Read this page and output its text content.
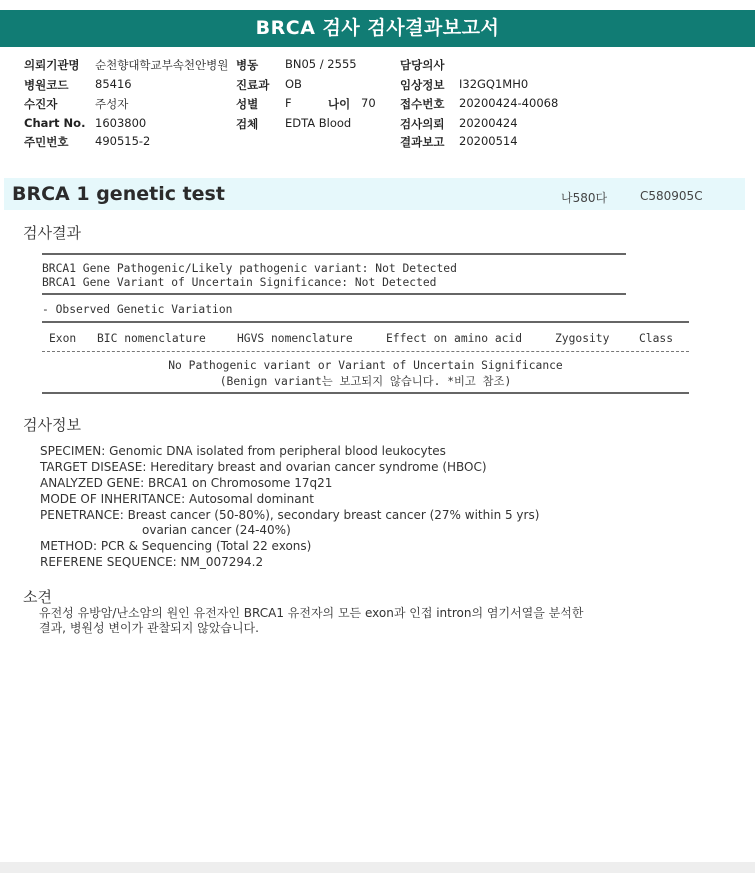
BRCA 검사 검사결과보고서
의뢰기관명 순천향대학교부속천안병원 병동 BN05 / 2555	담당의사
병원코드 85416	진료과 OB	임상정보 I32GQ1MH0
수진자	주성자	성별 F	나이 70 접수번호 20200424-40068
Chart No. 1603800	검체 EDTA Blood	검사의뢰 20200424
주민번호 490515-2	결과보고 20200514
BRCA 1 genetic test	나580다	C580905C
검사결과
BRCA1 Gene Pathogenic/Likely pathogenic variant: Not Detected
BRCA1 Gene Variant of Uncertain Significance: Not Detected
- Observed Genetic Variation
Exon BIC nomenclature	HGVS nomenclature	Effect on amino acid	Zygosity	Class
No Pathogenic variant or Variant of Uncertain Significance
(Benign variant는 보고되지 않습니다. *비고 참조)
검사정보
SPECIMEN: Genomic DNA isolated from peripheral blood leukocytes
TARGET DISEASE: Hereditary breast and ovarian cancer syndrome (HBOC)
ANALYZED GENE: BRCA1 on Chromosome 17q21
MODE OF INHERITANCE: Autosomal dominant
PENETRANCE: Breast cancer (50-80%), secondary breast cancer (27% within 5 yrs)
ovarian cancer (24-40%)
METHOD: PCR & Sequencing (Total 22 exons)
REFERENE SEQUENCE: NM_007294.2
소견
유전성 유방암/난소암의 원인 유전자인 BRCA1 유전자의 모든 exon과 인접 intron의 염기서열을 분석한
결과, 병원성 변이가 관찰되지 않았습니다.
